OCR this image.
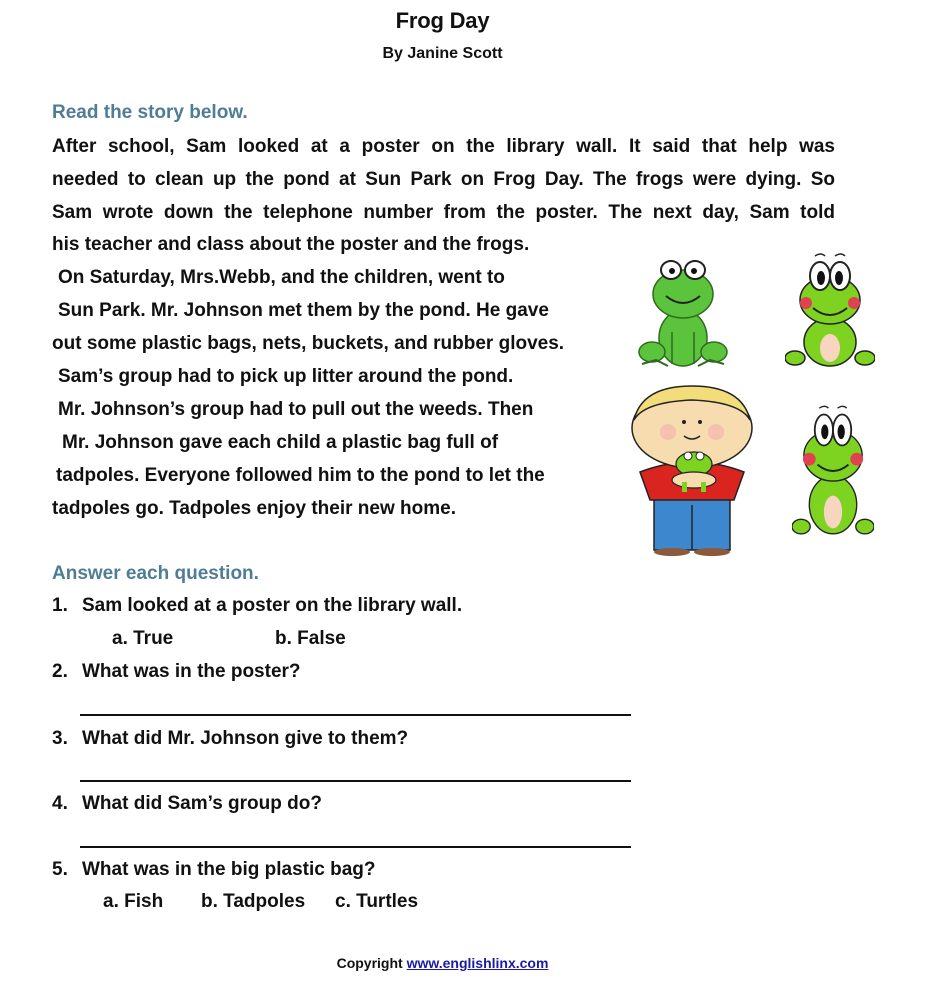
Frog Day
By Janine Scott
Read the story below.
After school, Sam looked at a poster on the library wall. It said that help was
needed to clean up the pond at Sun Park on Frog Day. The frogs were dying. So
Sam wrote down the telephone number from the poster. The next day, Sam told
his teacher and class about the poster and the frogs.
On Saturday, Mrs.Webb, and the children, went to
Sun Park. Mr. Johnson met them by the pond. He gave
out some plastic bags, nets, buckets, and rubber gloves.
Sam’s group had to pick up litter around the pond.
Mr. Johnson’s group had to pull out the weeds. Then
Mr. Johnson gave each child a plastic bag full of
tadpoles. Everyone followed him to the pond to let the
tadpoles go. Tadpoles enjoy their new home.
Answer each question.
1. Sam looked at a poster on the library wall.
a. True	b. False
2. What was in the poster?
3. What did Mr. Johnson give to them?
4. What did Sam’s group do?
5. What was in the big plastic bag?
a. Fish b. Tadpoles c. Turtles
Copyright www.englishlinx.com
